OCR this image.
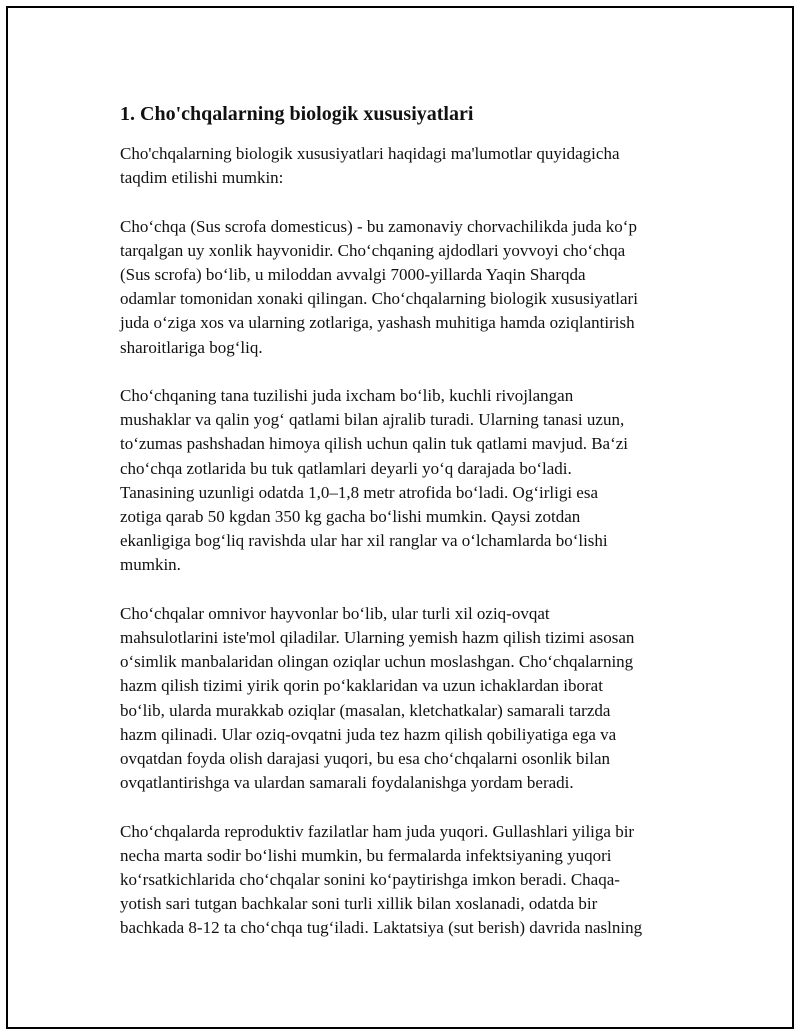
1. Cho'chqalarning biologik xususiyatlari

Cho'chqalarning biologik xususiyatlari haqidagi ma'lumotlar quyidagicha
taqdim etilishi mumkin:

Cho‘chqa (Sus scrofa domesticus) - bu zamonaviy chorvachilikda juda ko‘p
tarqalgan uy xonlik hayvonidir. Cho‘chqaning ajdodlari yovvoyi cho‘chqa
(Sus scrofa) bo‘lib, u miloddan avvalgi 7000-yillarda Yaqin Sharqda
odamlar tomonidan xonaki qilingan. Cho‘chqalarning biologik xususiyatlari
juda o‘ziga xos va ularning zotlariga, yashash muhitiga hamda oziqlantirish
sharoitlariga bog‘liq.

Cho‘chqaning tana tuzilishi juda ixcham bo‘lib, kuchli rivojlangan
mushaklar va qalin yog‘ qatlami bilan ajralib turadi. Ularning tanasi uzun,
to‘zumas pashshadan himoya qilish uchun qalin tuk qatlami mavjud. Ba‘zi
cho‘chqa zotlarida bu tuk qatlamlari deyarli yo‘q darajada bo‘ladi.
Tanasining uzunligi odatda 1,0–1,8 metr atrofida bo‘ladi. Og‘irligi esa
zotiga qarab 50 kgdan 350 kg gacha bo‘lishi mumkin. Qaysi zotdan
ekanligiga bog‘liq ravishda ular har xil ranglar va o‘lchamlarda bo‘lishi
mumkin.

Cho‘chqalar omnivor hayvonlar bo‘lib, ular turli xil oziq-ovqat
mahsulotlarini iste'mol qiladilar. Ularning yemish hazm qilish tizimi asosan
o‘simlik manbalaridan olingan oziqlar uchun moslashgan. Cho‘chqalarning
hazm qilish tizimi yirik qorin po‘kaklaridan va uzun ichaklardan iborat
bo‘lib, ularda murakkab oziqlar (masalan, kletchatkalar) samarali tarzda
hazm qilinadi. Ular oziq-ovqatni juda tez hazm qilish qobiliyatiga ega va
ovqatdan foyda olish darajasi yuqori, bu esa cho‘chqalarni osonlik bilan
ovqatlantirishga va ulardan samarali foydalanishga yordam beradi.

Cho‘chqalarda reproduktiv fazilatlar ham juda yuqori. Gullashlari yiliga bir
necha marta sodir bo‘lishi mumkin, bu fermalarda infektsiyaning yuqori
ko‘rsatkichlarida cho‘chqalar sonini ko‘paytirishga imkon beradi. Chaqa-
yotish sari tutgan bachkalar soni turli xillik bilan xoslanadi, odatda bir
bachkada 8-12 ta cho‘chqa tug‘iladi. Laktatsiya (sut berish) davrida naslning
